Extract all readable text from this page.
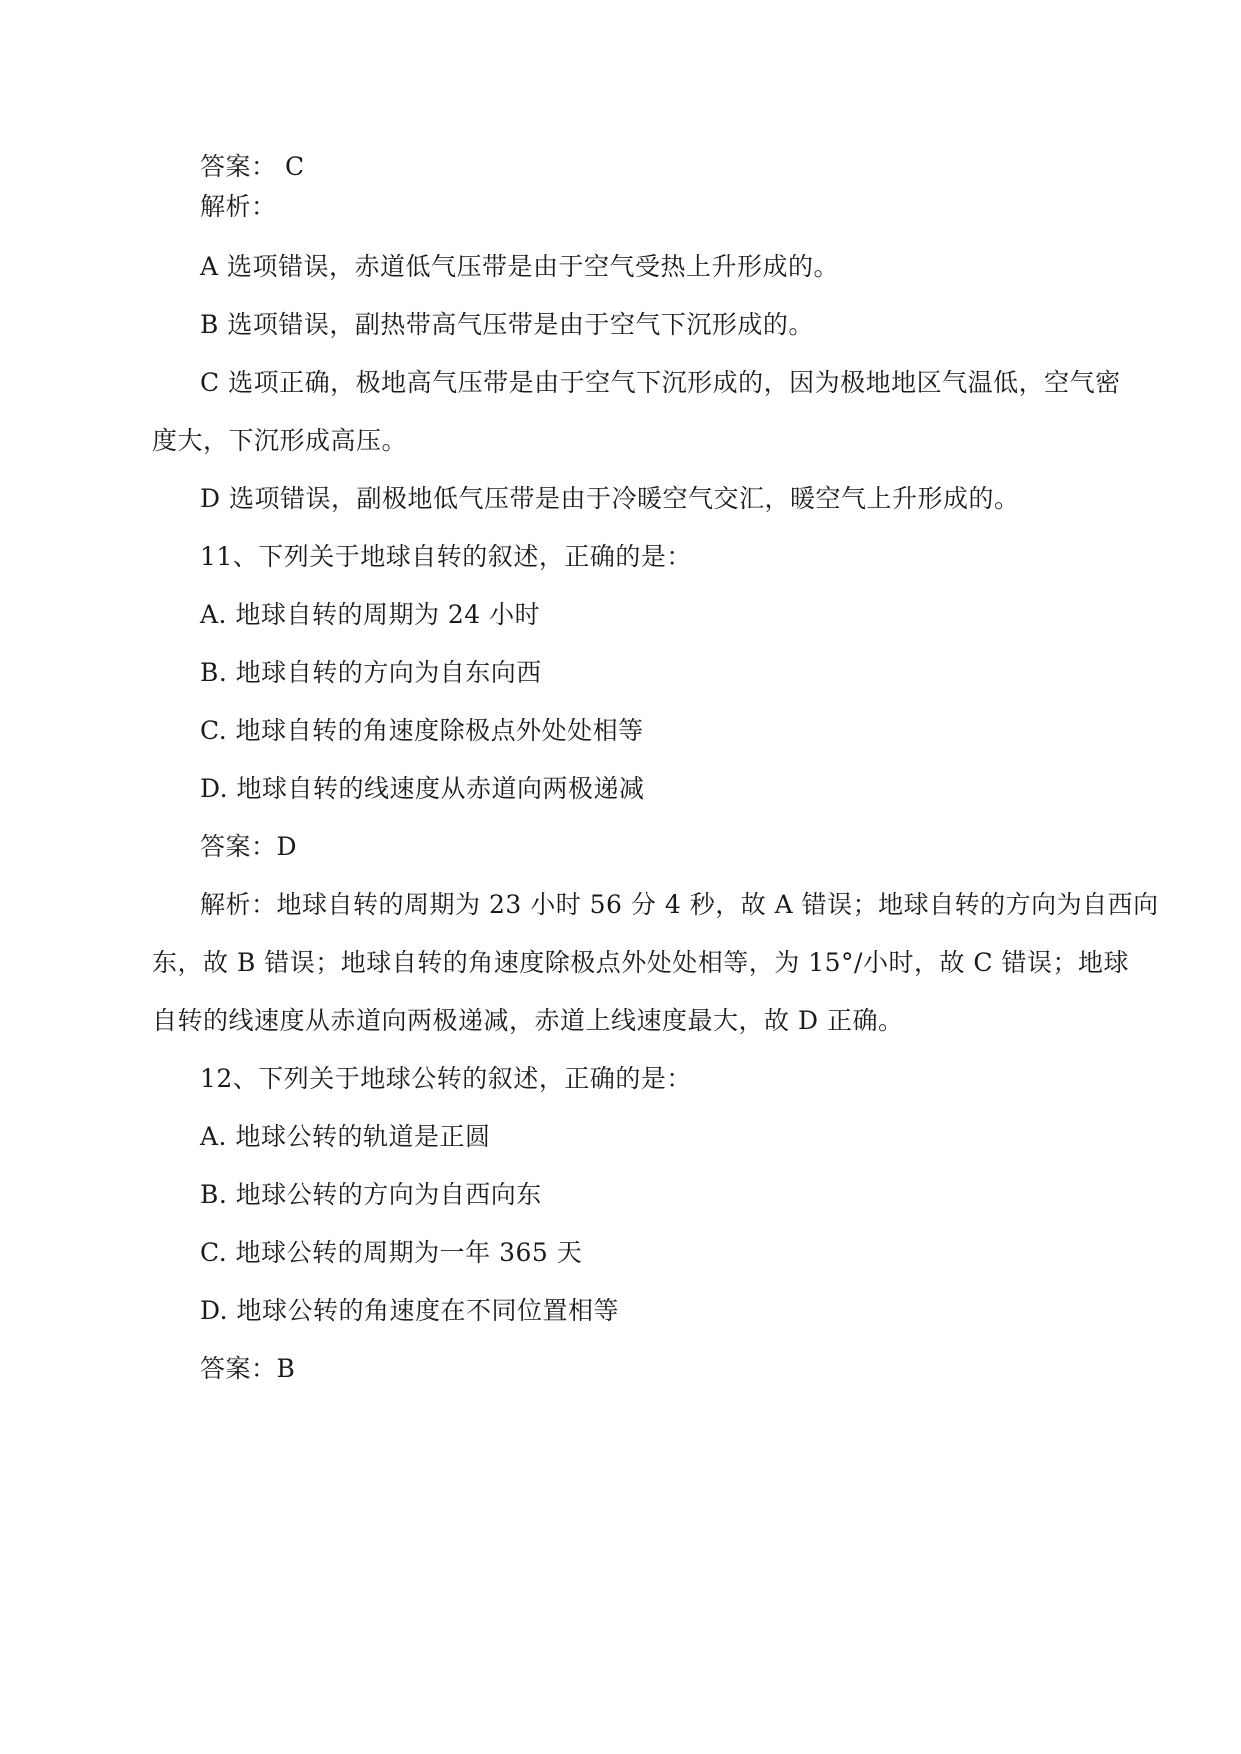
答案： C
解析：
A 选项错误，赤道低气压带是由于空气受热上升形成的。
B 选项错误，副热带高气压带是由于空气下沉形成的。
C 选项正确，极地高气压带是由于空气下沉形成的，因为极地地区气温低，空气密
度大，下沉形成高压。
D 选项错误，副极地低气压带是由于冷暖空气交汇，暖空气上升形成的。
11、下列关于地球自转的叙述，正确的是：
A. 地球自转的周期为 24 小时
B. 地球自转的方向为自东向西
C. 地球自转的角速度除极点外处处相等
D. 地球自转的线速度从赤道向两极递减
答案：D
解析：地球自转的周期为 23 小时 56 分 4 秒，故 A 错误；地球自转的方向为自西向
东，故 B 错误；地球自转的角速度除极点外处处相等，为 15°/小时，故 C 错误；地球
自转的线速度从赤道向两极递减，赤道上线速度最大，故 D 正确。
12、下列关于地球公转的叙述，正确的是：
A. 地球公转的轨道是正圆
B. 地球公转的方向为自西向东
C. 地球公转的周期为一年 365 天
D. 地球公转的角速度在不同位置相等
答案：B
